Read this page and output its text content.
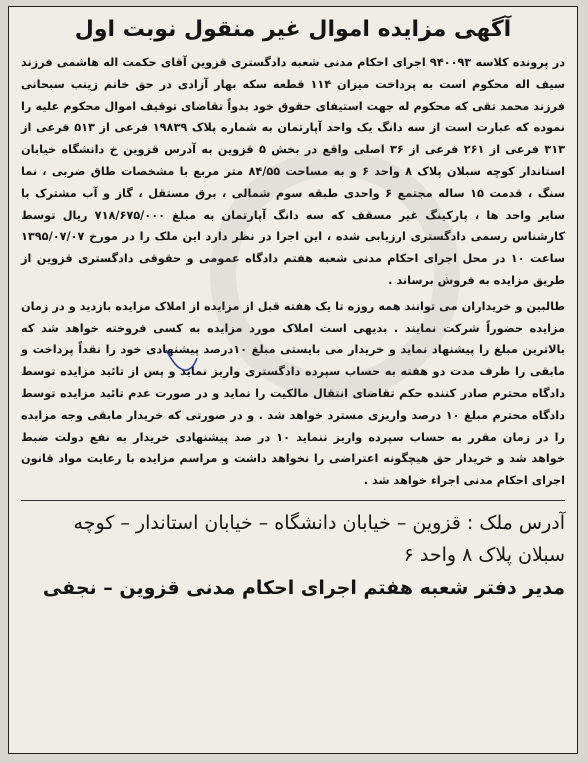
آگهی مزایده اموال غیر منقول نوبت اول

در پرونده کلاسه ۹۴۰۰۹۳ اجرای احکام مدنی شعبه دادگستری قزوین آقای حکمت اله هاشمی فرزند سیف اله محکوم است به پرداخت میزان ۱۱۴ قطعه سکه بهار آزادی در حق خانم زینب سبحانی فرزند محمد تقی که محکوم له جهت استیفای حقوق خود بدواً تقاضای توقیف اموال محکوم علیه را نموده که عبارت است از سه دانگ یک واحد آپارتمان به شماره پلاک ۱۹۸۳۹ فرعی از ۵۱۳ فرعی از ۳۱۳ فرعی از ۲۶۱ فرعی از ۳۶ اصلی واقع در بخش ۵ قزوین به آدرس قزوین خ دانشگاه خیابان استاندار کوچه سبلان پلاک ۸ واحد ۶ و به مساحت ۸۴/۵۵ متر مربع با مشخصات طاق ضربی ، نما سنگ ، قدمت ۱۵ ساله مجتمع ۶ واحدی طبقه سوم شمالی ، برق مستقل ، گاز و آب مشترک با سایر واحد ها ، پارکینگ غیر مسقف که سه دانگ آپارتمان به مبلغ ۷۱۸/۶۷۵/۰۰۰ ریال توسط کارشناس رسمی دادگستری ارزیابی شده ، این اجرا در نظر دارد این ملک را در مورخ ۱۳۹۵/۰۷/۰۷ ساعت ۱۰ در محل اجرای احکام مدنی شعبه هفتم دادگاه عمومی و حقوقی دادگستری قزوین از طریق مزایده به فروش برساند .

طالبین و خریداران می توانند همه روزه تا یک هفته قبل از مزایده از املاک مزایده بازدید و در زمان مزایده حضوراً شرکت نمایند . بدیهی است املاک مورد مزایده به کسی فروخته خواهد شد که بالاترین مبلغ را پیشنهاد نماید و خریدار می بایستی مبلغ ۱۰درصد پیشنهادی خود را نقداً پرداخت و مابقی را ظرف مدت دو هفته به حساب سپرده دادگستری واریز نماید و پس از تائید مزایده توسط دادگاه محترم صادر کننده حکم تقاضای انتقال مالکیت را نماید و در صورت عدم تائید مزایده توسط دادگاه محترم مبلغ ۱۰ درصد واریزی مسترد خواهد شد . و در صورتی که خریدار مابقی وجه مزایده را در زمان مقرر به حساب سپرده واریز ننماید ۱۰ در صد پیشنهادی خریدار به نفع دولت ضبط خواهد شد و خریدار حق هیچگونه اعتراضی را نخواهد داشت و مراسم مزایده با رعایت مواد قانون اجرای احکام مدنی اجراء خواهد شد .

آدرس ملک : قزوین – خیابان دانشگاه – خیابان استاندار – کوچه سبلان پلاک ۸ واحد ۶
مدیر دفتر شعبه هفتم اجرای احکام مدنی قزوین – نجفی
